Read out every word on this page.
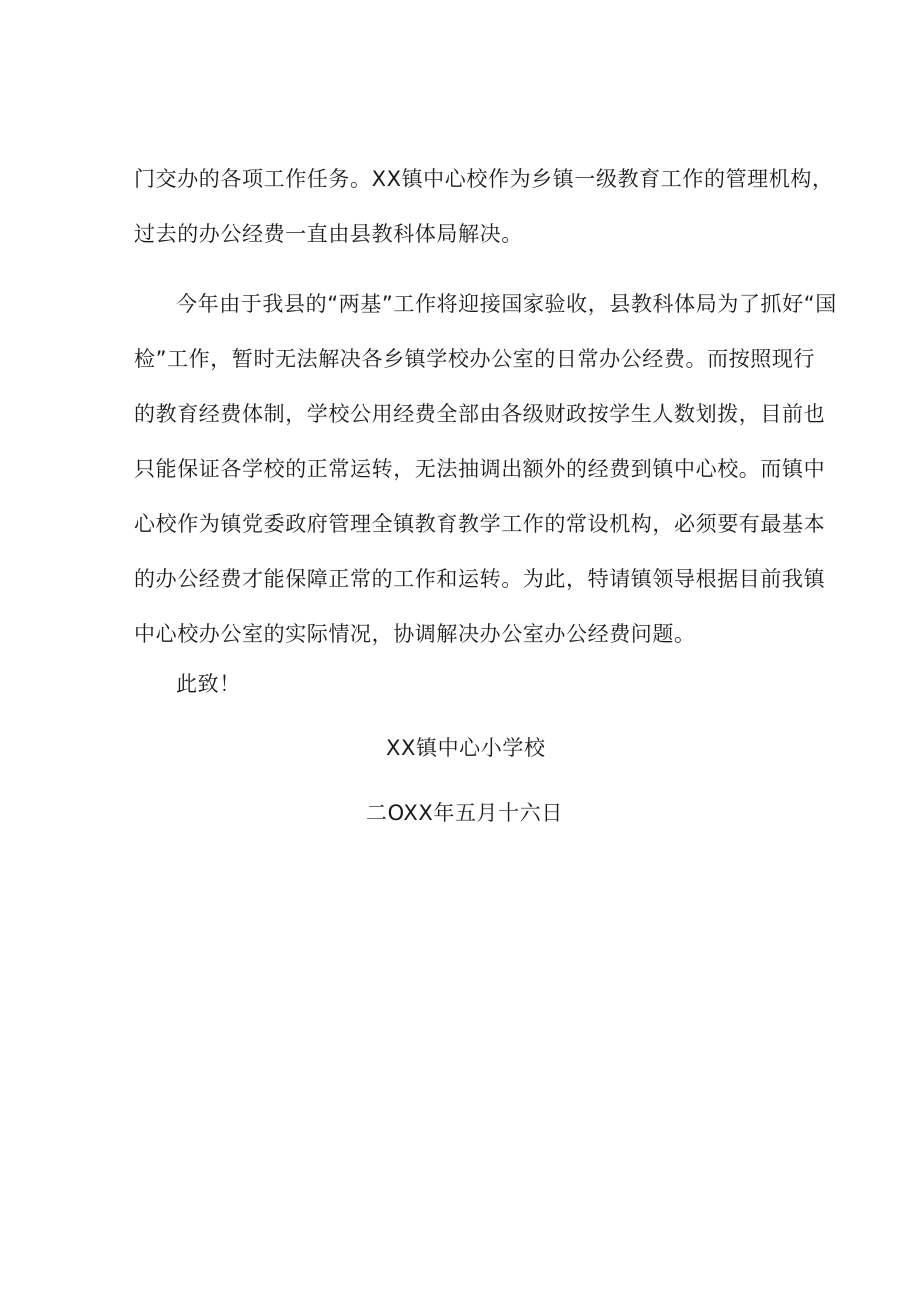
门交办的各项工作任务。XX镇中心校作为乡镇一级教育工作的管理机构，
过去的办公经费一直由县教科体局解决。
今年由于我县的“两基”工作将迎接国家验收，县教科体局为了抓好“国
检”工作，暂时无法解决各乡镇学校办公室的日常办公经费。而按照现行
的教育经费体制，学校公用经费全部由各级财政按学生人数划拨，目前也
只能保证各学校的正常运转，无法抽调出额外的经费到镇中心校。而镇中
心校作为镇党委政府管理全镇教育教学工作的常设机构，必须要有最基本
的办公经费才能保障正常的工作和运转。为此，特请镇领导根据目前我镇
中心校办公室的实际情况，协调解决办公室办公经费问题。
此致！
XX镇中心小学校
二OXX年五月十六日
